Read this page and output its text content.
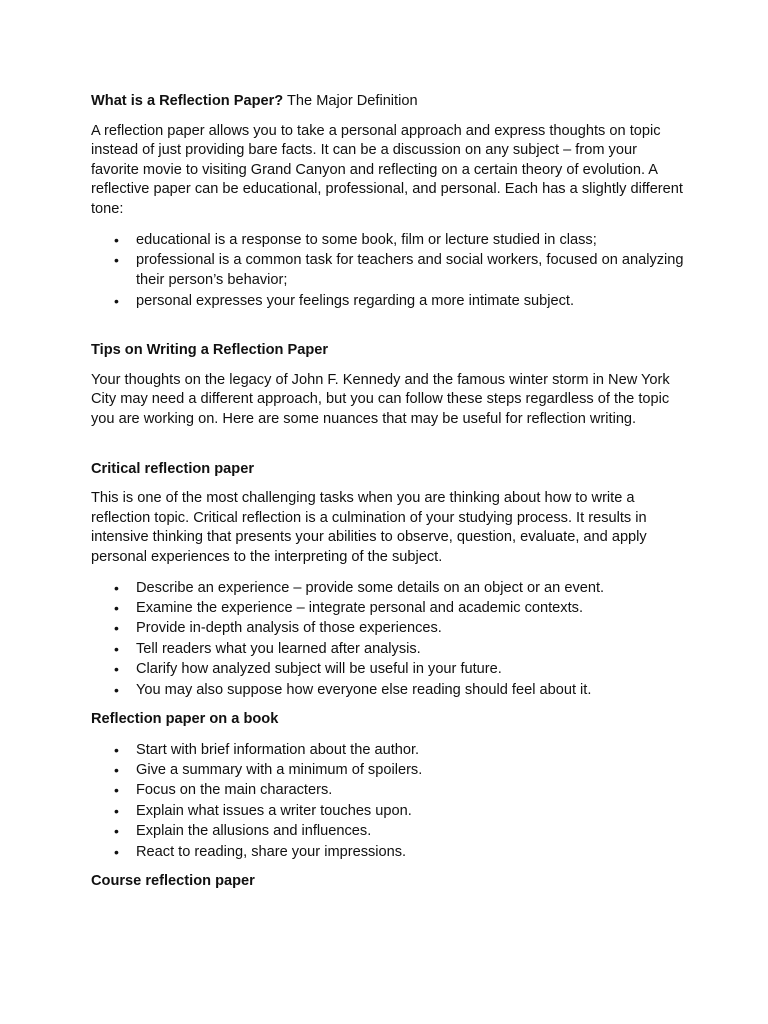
What is a Reflection Paper? The Major Definition

A reflection paper allows you to take a personal approach and express thoughts on topic instead of just providing bare facts. It can be a discussion on any subject – from your favorite movie to visiting Grand Canyon and reflecting on a certain theory of evolution. A reflective paper can be educational, professional, and personal. Each has a slightly different tone:

• educational is a response to some book, film or lecture studied in class;
• professional is a common task for teachers and social workers, focused on analyzing their person’s behavior;
• personal expresses your feelings regarding a more intimate subject.
Tips on Writing a Reflection Paper

Your thoughts on the legacy of John F. Kennedy and the famous winter storm in New York City may need a different approach, but you can follow these steps regardless of the topic you are working on. Here are some nuances that may be useful for reflection writing.

Critical reflection paper

This is one of the most challenging tasks when you are thinking about how to write a reflection topic. Critical reflection is a culmination of your studying process. It results in intensive thinking that presents your abilities to observe, question, evaluate, and apply personal experiences to the interpreting of the subject.

• Describe an experience – provide some details on an object or an event.
• Examine the experience – integrate personal and academic contexts.
• Provide in-depth analysis of those experiences.
• Tell readers what you learned after analysis.
• Clarify how analyzed subject will be useful in your future.
• You may also suppose how everyone else reading should feel about it.
Reflection paper on a book
• Start with brief information about the author.
• Give a summary with a minimum of spoilers.
• Focus on the main characters.
• Explain what issues a writer touches upon.
• Explain the allusions and influences.
• React to reading, share your impressions.
Course reflection paper
